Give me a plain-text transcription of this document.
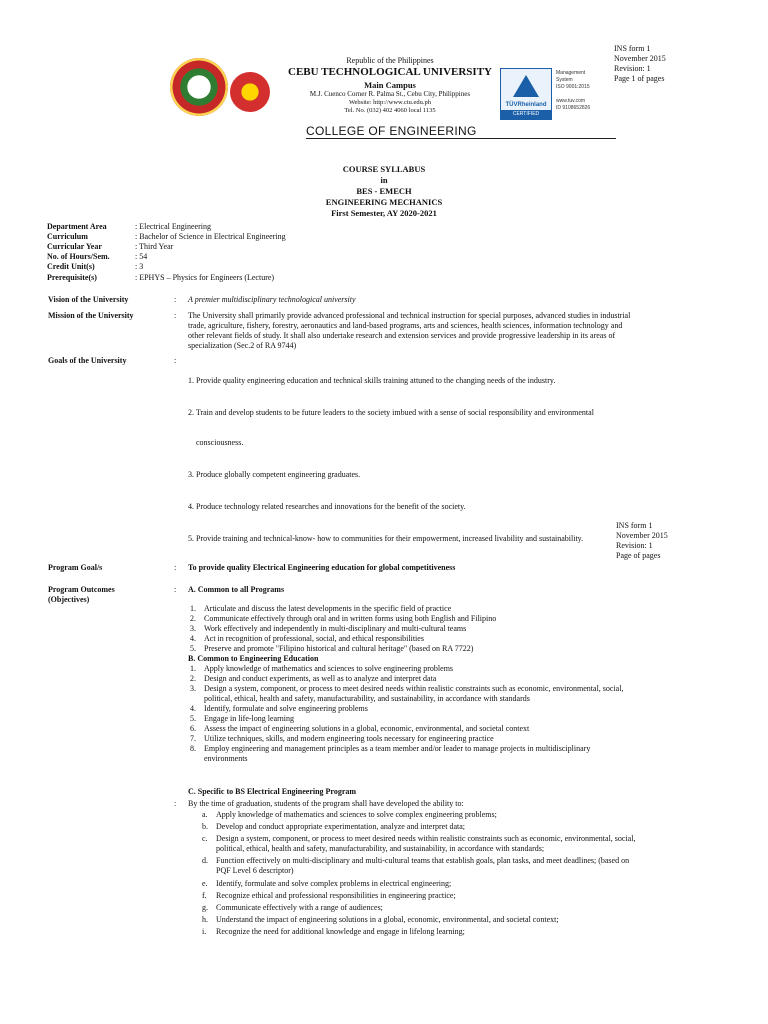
INS form 1
November 2015
Revision: 1
Page 1 of pages
Republic of the Philippines
CEBU TECHNOLOGICAL UNIVERSITY
Main Campus
M.J. Cuenco Corner R. Palma St., Cebu City, Philippines
Website: http://www.ctu.edu.ph
Tel. No. (032) 402 4060 local 1135
TÜVRheinland
CERTIFIED
Management
System
ISO 9001:2015
www.tuv.com
ID 9108652826
COLLEGE OF ENGINEERING
COURSE SYLLABUS
in
BES - EMECH
ENGINEERING MECHANICS
First Semester, AY 2020-2021
Department Area	: Electrical Engineering
Curriculum	: Bachelor of Science in Electrical Engineering
Curricular Year	: Third Year
No. of Hours/Sem.	: 54
Credit Unit(s)	: 3
Prerequisite(s)	: EPHYS – Physics for Engineers (Lecture)
Vision of the University	: A premier multidisciplinary technological university
Mission of the University	: The University shall primarily provide advanced professional and technical instruction for special purposes, advanced studies in industrial
trade, agriculture, fishery, forestry, aeronautics and land-based programs, arts and sciences, health sciences, information technology and
other relevant fields of study. It shall also undertake research and extension services and provide progressive leadership in its areas of
specialization (Sec.2 of RA 9744)
Goals of the University	:

1. Provide quality engineering education and technical skills training attuned to the changing needs of the industry.

2. Train and develop students to be future leaders to the society imbued with a sense of social responsibility and environmental

consciousness.

3. Produce globally competent engineering graduates.

4. Produce technology related researches and innovations for the benefit of the society.

5. Provide training and technical-know- how to communities for their empowerment, increased livability and sustainability.

INS form 1
November 2015
Revision: 1
Page of pages
Program Goal/s	: To provide quality Electrical Engineering education for global competitiveness
Program Outcomes
(Objectives)
: A. Common to all Programs
1. Articulate and discuss the latest developments in the specific field of practice
2. Communicate effectively through oral and in written forms using both English and Filipino
3. Work effectively and independently in multi-disciplinary and multi-cultural teams
4. Act in recognition of professional, social, and ethical responsibilities
5. Preserve and promote "Filipino historical and cultural heritage" (based on RA 7722)
B. Common to Engineering Education
1. Apply knowledge of mathematics and sciences to solve engineering problems
2. Design and conduct experiments, as well as to analyze and interpret data
3. Design a system, component, or process to meet desired needs within realistic constraints such as economic, environmental, social,
political, ethical, health and safety, manufacturability, and sustainability, in accordance with standards
4. Identify, formulate and solve engineering problems
5. Engage in life-long learning
6. Assess the impact of engineering solutions in a global, economic, environmental, and societal context
7. Utilize techniques, skills, and modern engineering tools necessary for engineering practice
8. Employ engineering and management principles as a team member and/or leader to manage projects in multidisciplinary
environments
C. Specific to BS Electrical Engineering Program
: By the time of graduation, students of the program shall have developed the ability to:
a. Apply knowledge of mathematics and sciences to solve complex engineering problems;
b. Develop and conduct appropriate experimentation, analyze and interpret data;
c. Design a system, component, or process to meet desired needs within realistic constraints such as economic, environmental, social,
political, ethical, health and safety, manufacturability, and sustainability, in accordance with standards;
d. Function effectively on multi-disciplinary and multi-cultural teams that establish goals, plan tasks, and meet deadlines; (based on
PQF Level 6 descriptor)
e. Identify, formulate and solve complex problems in electrical engineering;
f. Recognize ethical and professional responsibilities in engineering practice;
g. Communicate effectively with a range of audiences;
h. Understand the impact of engineering solutions in a global, economic, environmental, and societal context;
i. Recognize the need for additional knowledge and engage in lifelong learning;
